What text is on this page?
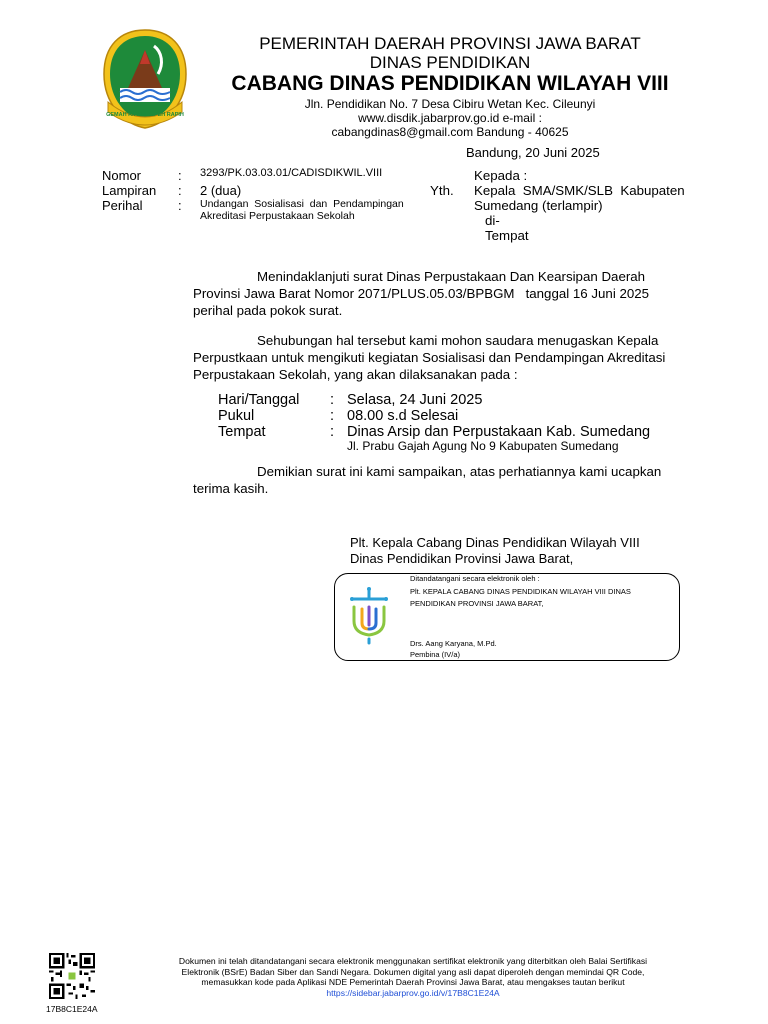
GEMAH RIPAH REPEH RAPIH
PEMERINTAH DAERAH PROVINSI JAWA BARAT
DINAS PENDIDIKAN
CABANG DINAS PENDIDIKAN WILAYAH VIII
Jln. Pendidikan No. 7 Desa Cibiru Wetan Kec. Cileunyi
www.disdik.jabarprov.go.id e-mail :
cabangdinas8@gmail.com Bandung - 40625
Bandung, 20 Juni 2025
Nomor	: 3293/PK.03.03.01/CADISDIKWIL.VIII
Lampiran : 2 (dua)
Perihal	: Undangan  Sosialisasi  dan  Pendampingan
Akreditasi Perpustakaan Sekolah
Kepada :
Yth. Kepala  SMA/SMK/SLB  Kabupaten
Sumedang (terlampir)
di-
Tempat
Menindaklanjuti surat Dinas Perpustakaan Dan Kearsipan Daerah
Provinsi Jawa Barat Nomor 2071/PLUS.05.03/BPBGM   tanggal 16 Juni 2025
perihal pada pokok surat.
Sehubungan hal tersebut kami mohon saudara menugaskan Kepala
Perpustkaan untuk mengikuti kegiatan Sosialisasi dan Pendampingan Akreditasi
Perpustakaan Sekolah, yang akan dilaksanakan pada :
Hari/Tanggal : Selasa, 24 Juni 2025
Pukul	: 08.00 s.d Selesai
Tempat	: Dinas Arsip dan Perpustakaan Kab. Sumedang
Jl. Prabu Gajah Agung No 9 Kabupaten Sumedang
Demikian surat ini kami sampaikan, atas perhatiannya kami ucapkan
terima kasih.
Plt. Kepala Cabang Dinas Pendidikan Wilayah VIII
Dinas Pendidikan Provinsi Jawa Barat,
Ditandatangani secara elektronik oleh :
Plt. KEPALA CABANG DINAS PENDIDIKAN WILAYAH VIII DINAS
PENDIDIKAN PROVINSI JAWA BARAT,
Drs. Aang Karyana, M.Pd.
Pembina (IV/a)
17B8C1E24A
Dokumen ini telah ditandatangani secara elektronik menggunakan sertifikat elektronik yang diterbitkan oleh Balai Sertifikasi
Elektronik (BSrE) Badan Siber dan Sandi Negara. Dokumen digital yang asli dapat diperoleh dengan memindai QR Code,
memasukkan kode pada Aplikasi NDE Pemerintah Daerah Provinsi Jawa Barat, atau mengakses tautan berikut
https://sidebar.jabarprov.go.id/v/17B8C1E24A
